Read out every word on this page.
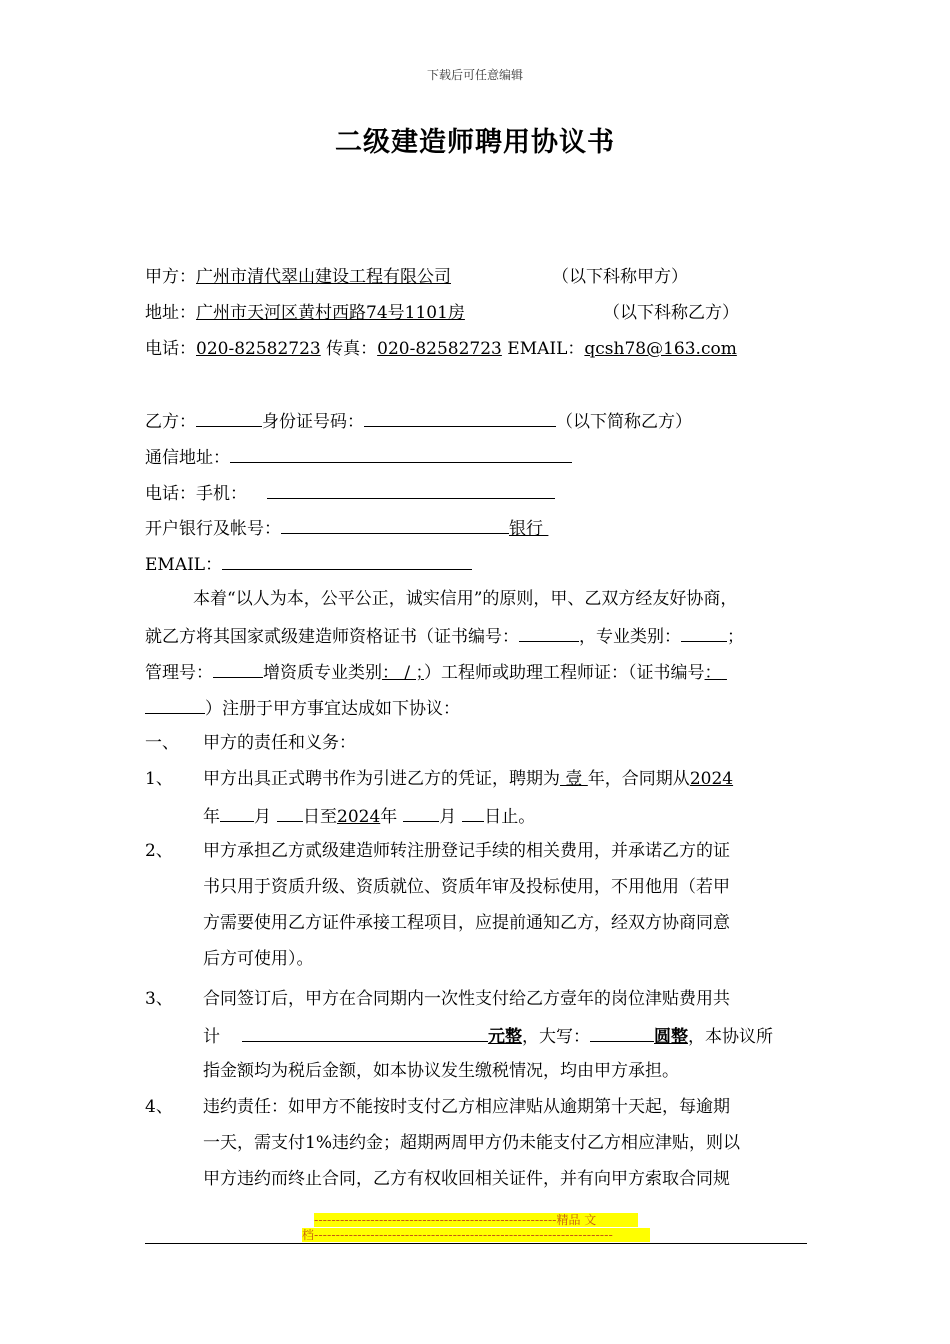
下载后可任意编辑
二级建造师聘用协议书
甲方：广州市清代翠山建设工程有限公司	（以下科称甲方）
地址：广州市天河区黄村西路74号1101房	（以下科称乙方）
电话：020-82582723 传真：020-82582723 EMAIL：qcsh78@163.com
乙方：	身份证号码：	（以下简称乙方）
通信地址：
电话：手机：
开户银行及帐号：	银行
EMAIL：
本着“以人为本，公平公正，诚实信用”的原则，甲、乙双方经友好协商，
就乙方将其国家贰级建造师资格证书（证书编号：	，专业类别：	；
管理号：	增资质专业类别： / ；）工程师或助理工程师证：（证书编号：
）注册于甲方事宜达成如下协议：
一、 甲方的责任和义务：
1、 甲方出具正式聘书作为引进乙方的凭证，聘期为 壹 年，合同期从2024
年 月 日至2024年 月 日止。
2、 甲方承担乙方贰级建造师转注册登记手续的相关费用，并承诺乙方的证
书只用于资质升级、资质就位、资质年审及投标使用，不用他用（若甲
方需要使用乙方证件承接工程项目，应提前通知乙方，经双方协商同意
后方可使用）。
3、 合同签订后，甲方在合同期内一次性支付给乙方壹年的岗位津贴费用共
计	元整，大写：	圆整，本协议所
指金额均为税后金额，如本协议发生缴税情况，均由甲方承担。
4、 违约责任：如甲方不能按时支付乙方相应津贴从逾期第十天起，每逾期
一天，需支付1%违约金；超期两周甲方仍未能支付乙方相应津贴，则以
甲方违约而终止合同，乙方有权收回相关证件，并有向甲方索取合同规
--------------------------------------------------------精品 文
档---------------------------------------------------------------------
